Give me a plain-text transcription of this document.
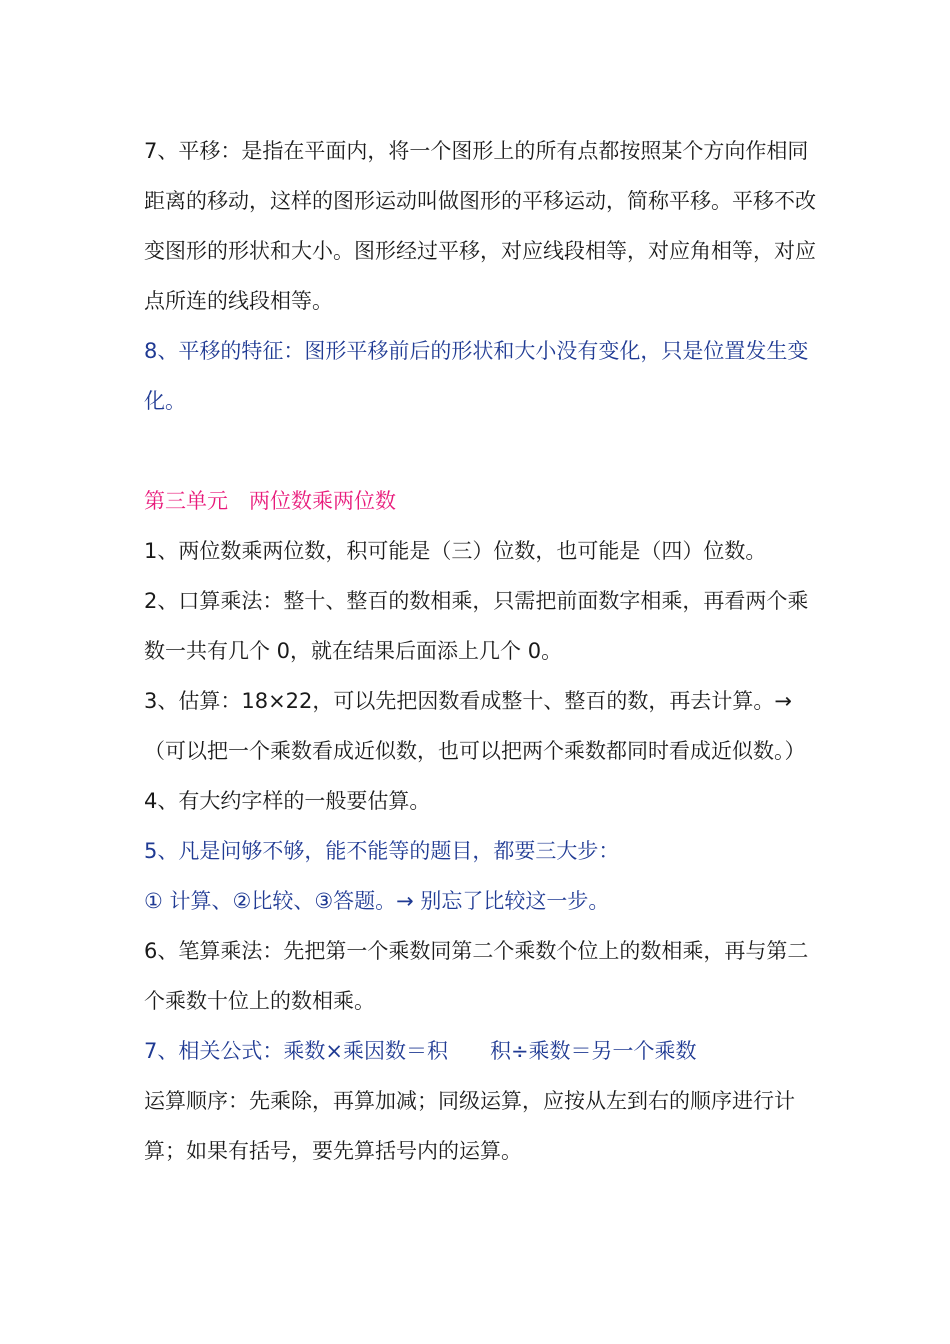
7、平移：是指在平面内，将一个图形上的所有点都按照某个方向作相同距离的移动，这样的图形运动叫做图形的平移运动，简称平移。平移不改变图形的形状和大小。图形经过平移，对应线段相等，对应角相等，对应点所连的线段相等。

8、平移的特征：图形平移前后的形状和大小没有变化，只是位置发生变化。

第三单元　两位数乘两位数

1、两位数乘两位数，积可能是（三）位数，也可能是（四）位数。

2、口算乘法：整十、整百的数相乘，只需把前面数字相乘，再看两个乘数一共有几个 0，就在结果后面添上几个 0。

3、估算：18×22，可以先把因数看成整十、整百的数，再去计算。→（可以把一个乘数看成近似数，也可以把两个乘数都同时看成近似数。）

4、有大约字样的一般要估算。

5、凡是问够不够，能不能等的题目，都要三大步：

① 计算、②比较、③答题。→ 别忘了比较这一步。

6、笔算乘法：先把第一个乘数同第二个乘数个位上的数相乘，再与第二个乘数十位上的数相乘。

7、相关公式：乘数×乘因数＝积　　积÷乘数＝另一个乘数

运算顺序：先乘除，再算加减；同级运算，应按从左到右的顺序进行计算；如果有括号，要先算括号内的运算。
